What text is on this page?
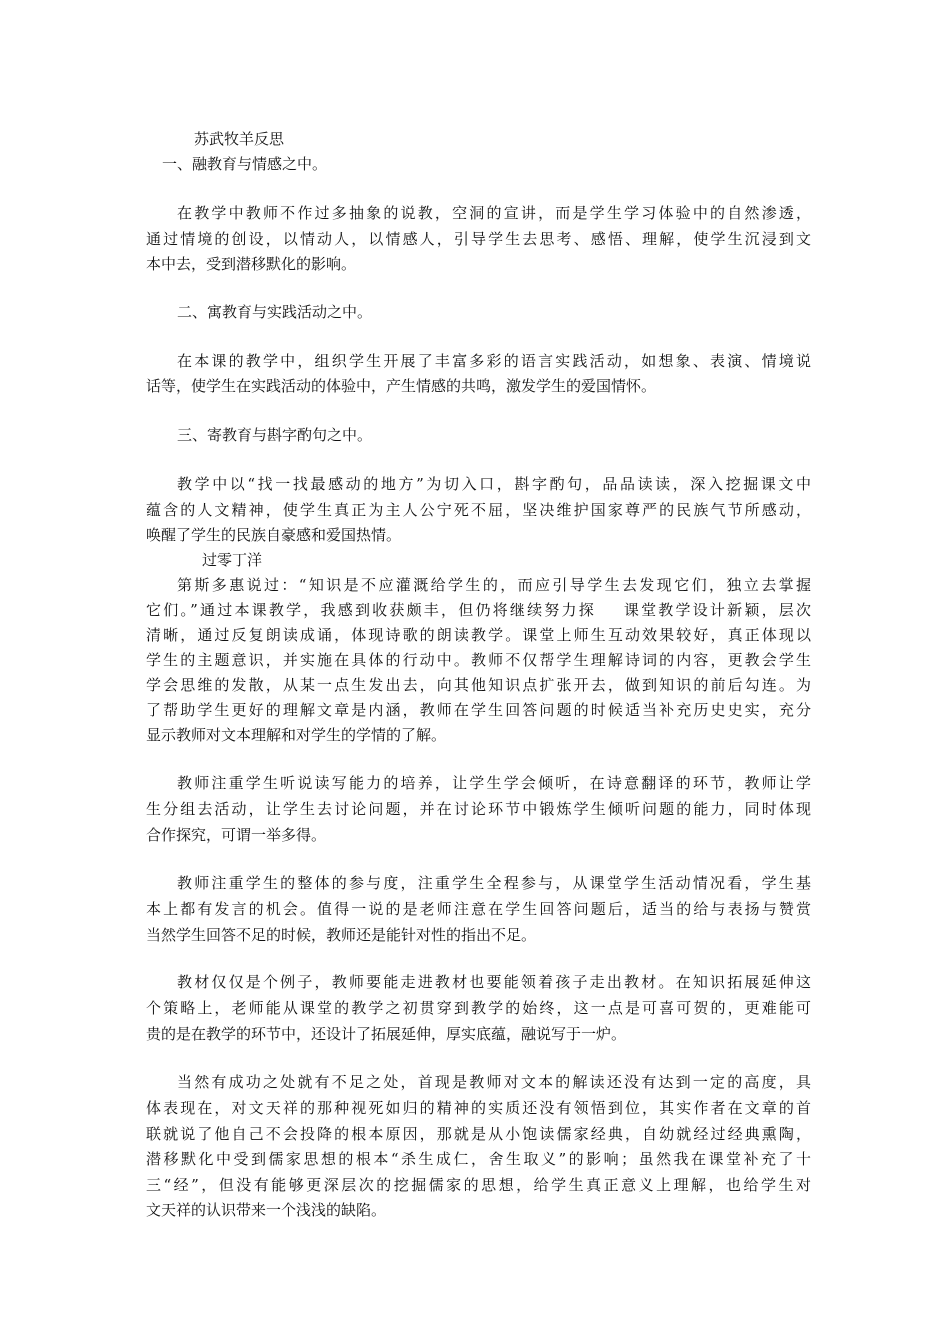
苏武牧羊反思
一、融教育与情感之中。
在教学中教师不作过多抽象的说教，空洞的宣讲，而是学生学习体验中的自然渗透，
通过情境的创设，以情动人，以情感人，引导学生去思考、感悟、理解，使学生沉浸到文
本中去，受到潜移默化的影响。
二、寓教育与实践活动之中。
在本课的教学中，组织学生开展了丰富多彩的语言实践活动，如想象、表演、情境说
话等，使学生在实践活动的体验中，产生情感的共鸣，激发学生的爱国情怀。
三、寄教育与斟字酌句之中。
教学中以“找一找最感动的地方”为切入口，斟字酌句，品品读读，深入挖掘课文中
蕴含的人文精神，使学生真正为主人公宁死不屈，坚决维护国家尊严的民族气节所感动，
唤醒了学生的民族自豪感和爱国热情。
过零丁洋
第斯多惠说过：“知识是不应灌溉给学生的，而应引导学生去发现它们，独立去掌握
它们。”通过本课教学，我感到收获颇丰，但仍将继续努力探    课堂教学设计新颖，层次
清晰，通过反复朗读成诵，体现诗歌的朗读教学。课堂上师生互动效果较好，真正体现以
学生的主题意识，并实施在具体的行动中。教师不仅帮学生理解诗词的内容，更教会学生
学会思维的发散，从某一点生发出去，向其他知识点扩张开去，做到知识的前后勾连。为
了帮助学生更好的理解文章是内涵，教师在学生回答问题的时候适当补充历史史实，充分
显示教师对文本理解和对学生的学情的了解。
教师注重学生听说读写能力的培养，让学生学会倾听，在诗意翻译的环节，教师让学
生分组去活动，让学生去讨论问题，并在讨论环节中锻炼学生倾听问题的能力，同时体现
合作探究，可谓一举多得。
教师注重学生的整体的参与度，注重学生全程参与，从课堂学生活动情况看，学生基
本上都有发言的机会。值得一说的是老师注意在学生回答问题后，适当的给与表扬与赞赏
当然学生回答不足的时候，教师还是能针对性的指出不足。
教材仅仅是个例子，教师要能走进教材也要能领着孩子走出教材。在知识拓展延伸这
个策略上，老师能从课堂的教学之初贯穿到教学的始终，这一点是可喜可贺的，更难能可
贵的是在教学的环节中，还设计了拓展延伸，厚实底蕴，融说写于一炉。
当然有成功之处就有不足之处，首现是教师对文本的解读还没有达到一定的高度，具
体表现在，对文天祥的那种视死如归的精神的实质还没有领悟到位，其实作者在文章的首
联就说了他自己不会投降的根本原因，那就是从小饱读儒家经典，自幼就经过经典熏陶，
潜移默化中受到儒家思想的根本“杀生成仁，舍生取义”的影响；虽然我在课堂补充了十
三“经”，但没有能够更深层次的挖掘儒家的思想，给学生真正意义上理解，也给学生对
文天祥的认识带来一个浅浅的缺陷。
